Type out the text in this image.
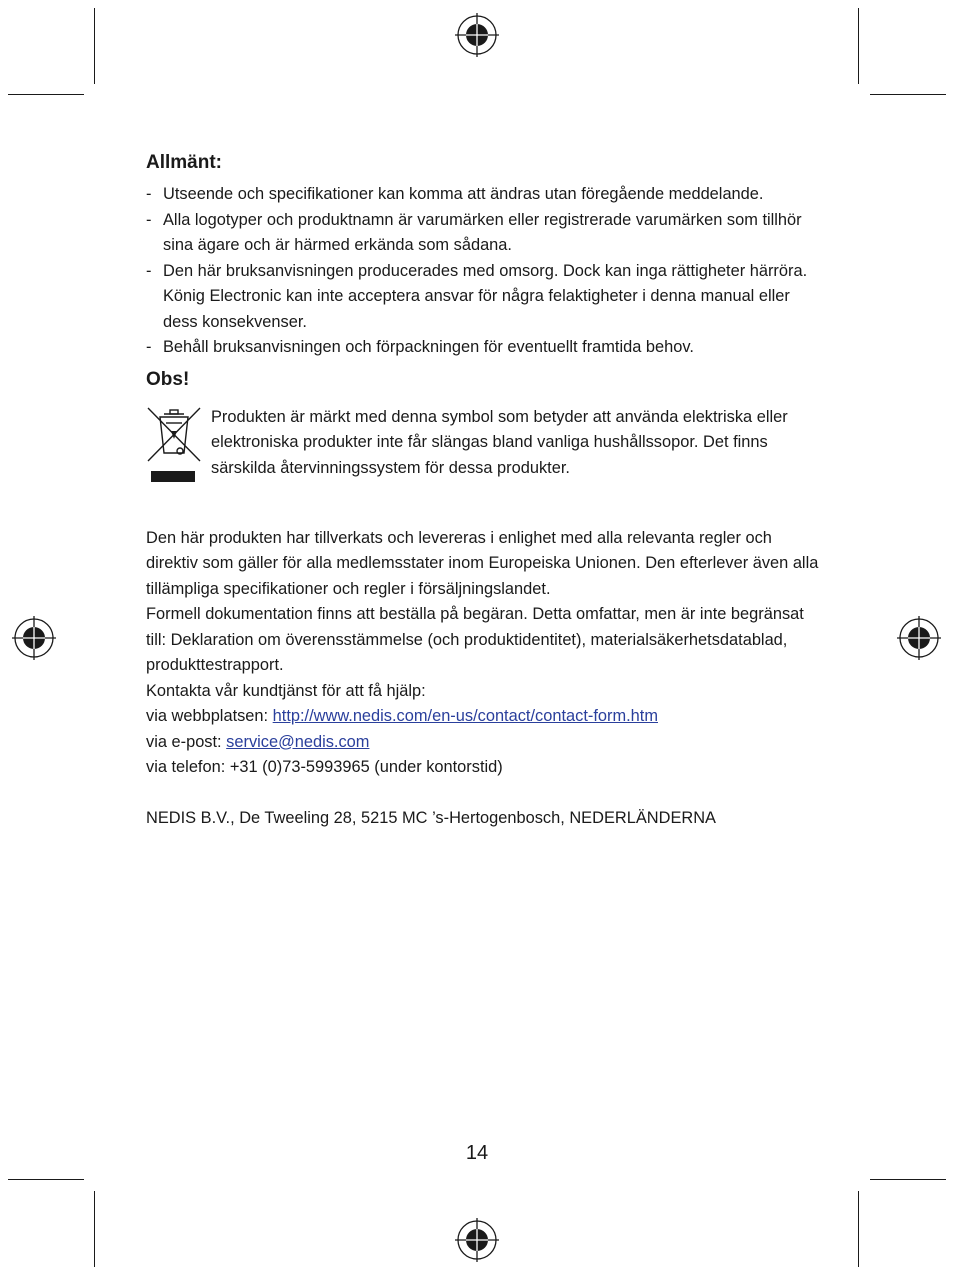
Allmänt:
- Utseende och specifikationer kan komma att ändras utan föregående meddelande.
- Alla logotyper och produktnamn är varumärken eller registrerade varumärken som tillhör sina ägare och är härmed erkända som sådana.
- Den här bruksanvisningen producerades med omsorg. Dock kan inga rättigheter härröra. König Electronic kan inte acceptera ansvar för några felaktigheter i denna manual eller dess konsekvenser.
- Behåll bruksanvisningen och förpackningen för eventuellt framtida behov.
Obs!
Produkten är märkt med denna symbol som betyder att använda elektriska eller elektroniska produkter inte får slängas bland vanliga hushållssopor. Det finns särskilda återvinningssystem för dessa produkter.

Den här produkten har tillverkats och levereras i enlighet med alla relevanta regler och direktiv som gäller för alla medlemsstater inom Europeiska Unionen. Den efterlever även alla tillämpliga specifikationer och regler i försäljningslandet.

Formell dokumentation finns att beställa på begäran. Detta omfattar, men är inte begränsat till: Deklaration om överensstämmelse (och produktidentitet), materialsäkerhetsdatablad, produkttestrapport.

Kontakta vår kundtjänst för att få hjälp:

via webbplatsen: http://www.nedis.com/en-us/contact/contact-form.htm

via e-post: service@nedis.com

via telefon: +31 (0)73-5993965 (under kontorstid)

NEDIS B.V., De Tweeling 28, 5215 MC ’s-Hertogenbosch, NEDERLÄNDERNA
14
